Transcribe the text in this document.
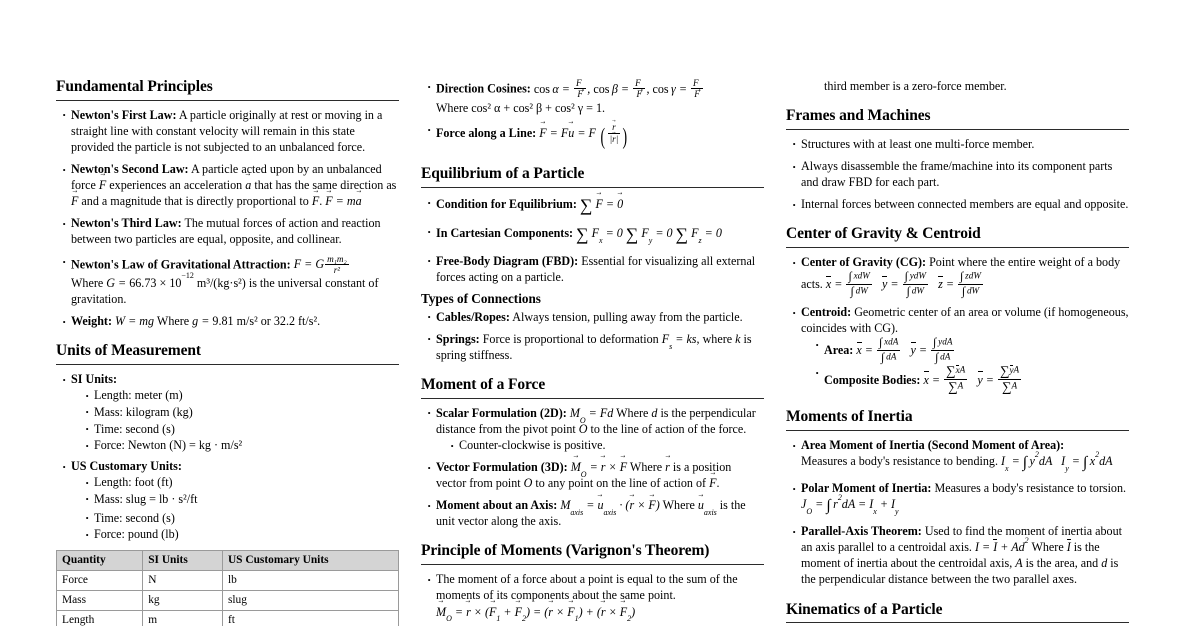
Fundamental Principles
· Newton's First Law: A particle originally at rest or moving in a straight line with constant velocity will remain in this state provided the particle is not subjected to an unbalanced force.
· Newton's Second Law: A particle acted upon by an unbalanced force F → experiences an acceleration a → that has the same direction as F → and a magnitude that is directly proportional to F →. F → = ma →
· Newton's Third Law: The mutual forces of action and reaction between two particles are equal, opposite, and collinear.
· Newton's Law of Gravitational Attraction: F = G $\frac{\text{m₁m₂}}{\text{r²}}$

Where $G = 66.73 \times 10^{-12}$ m³/(kg·s²) is the universal constant of gravitation.
· Weight: W = mg Where g = 9.81 m/s² or 32.2 ft/s².
Units of Measurement
· SI Units:
· Length: meter (m)
· Mass: kilogram (kg)
· Time: second (s)
· Force: Newton (N) = kg · m/s²
· US Customary Units:
· Length: foot (ft)
· Mass: slug = lb · s²/ft
· Time: second (s)
· Force: pound (lb)
Quantity	SI Units	US Customary Units
Force	N	lb
Mass	kg	slug
Length	m	ft
· Direction Cosines: $\cos \alpha = \frac{F_x}{F}$ , $\cos \beta = \frac{F_y}{F}$ , $\cos \gamma = \frac{F_z}{F}$

Where cos² α + cos² β + cos² γ = 1.
· Force along a Line: F → = Fu → = F ( $\frac{r \to}{|r \to|}$ )
Equilibrium of a Particle
· Condition for Equilibrium: ∑ F → = 0 →
· In Cartesian Components: ∑ $F_x = 0$ ∑ $F_y = 0$ ∑ $F_z = 0$
· Free-Body Diagram (FBD): Essential for visualizing all external forces acting on a particle.
Types of Connections
· Cables/Ropes: Always tension, pulling away from the particle.
· Springs: Force is proportional to deformation $F_s$ = ks, where k is spring stiffness.
Moment of a Force
· Scalar Formulation (2D): $M_O = Fd$ Where d is the perpendicular distance from the pivot point O to the line of action of the force.
· Counter-clockwise is positive.
· Vector Formulation (3D): $M \to_O = r$ → × F → Where r → is a position vector from point O to any point on the line of action of F →.
· Moment about an Axis: $M_{axis} = u \to_{axis} \cdot (r$ → × F →) Where $u \to_{axis}$ is the unit vector along the axis.
Principle of Moments (Varignon's Theorem)
· The moment of a force about a point is equal to the sum of the moments of its components about the same point. $M \to_O = r$ → × $(F \to_1 + F \to_2) = (r$ → × $F \to_1) + (r$ → × $F \to_2$)
third member is a zero-force member.
Frames and Machines
· Structures with at least one multi-force member.
· Always disassemble the frame/machine into its component parts and draw FBD for each part.
· Internal forces between connected members are equal and opposite.
Center of Gravity & Centroid
· Center of Gravity (CG): Point where the entire weight of a body acts. $x = \frac{\text{∫ xdW}}{\int dW}$ $y = \frac{\text{∫ ydW}}{\int dW}$ $z = \frac{\text{∫ zdW}}{\int dW}$
· Centroid: Geometric center of an area or volume (if homogeneous, coincides with CG).
· Area: $x = \frac{\text{∫ xdA}}{\int dA}$ $y = \frac{\text{∫ ydA}}{\int dA}$
· Composite Bodies: $x = \frac{\sum xA}{\sum A}$ $y = \frac{\sum yA}{\sum A}$
Moments of Inertia
· Area Moment of Inertia (Second Moment of Area):
Measures a body's resistance to bending. $I_x$ = ∫ $y^2dA$   $I_y$ = ∫ $x^2dA$
· Polar Moment of Inertia: Measures a body's resistance to torsion. $J_O$ = ∫ $r^2dA = I_x + I_y$
· Parallel-Axis Theorem: Used to find the moment of inertia about an axis parallel to a centroidal axis. $I = I + Ad^2$ Where I is the moment of inertia about the centroidal axis, A is the area, and d is the perpendicular distance between the two parallel axes.
Kinematics of a Particle
